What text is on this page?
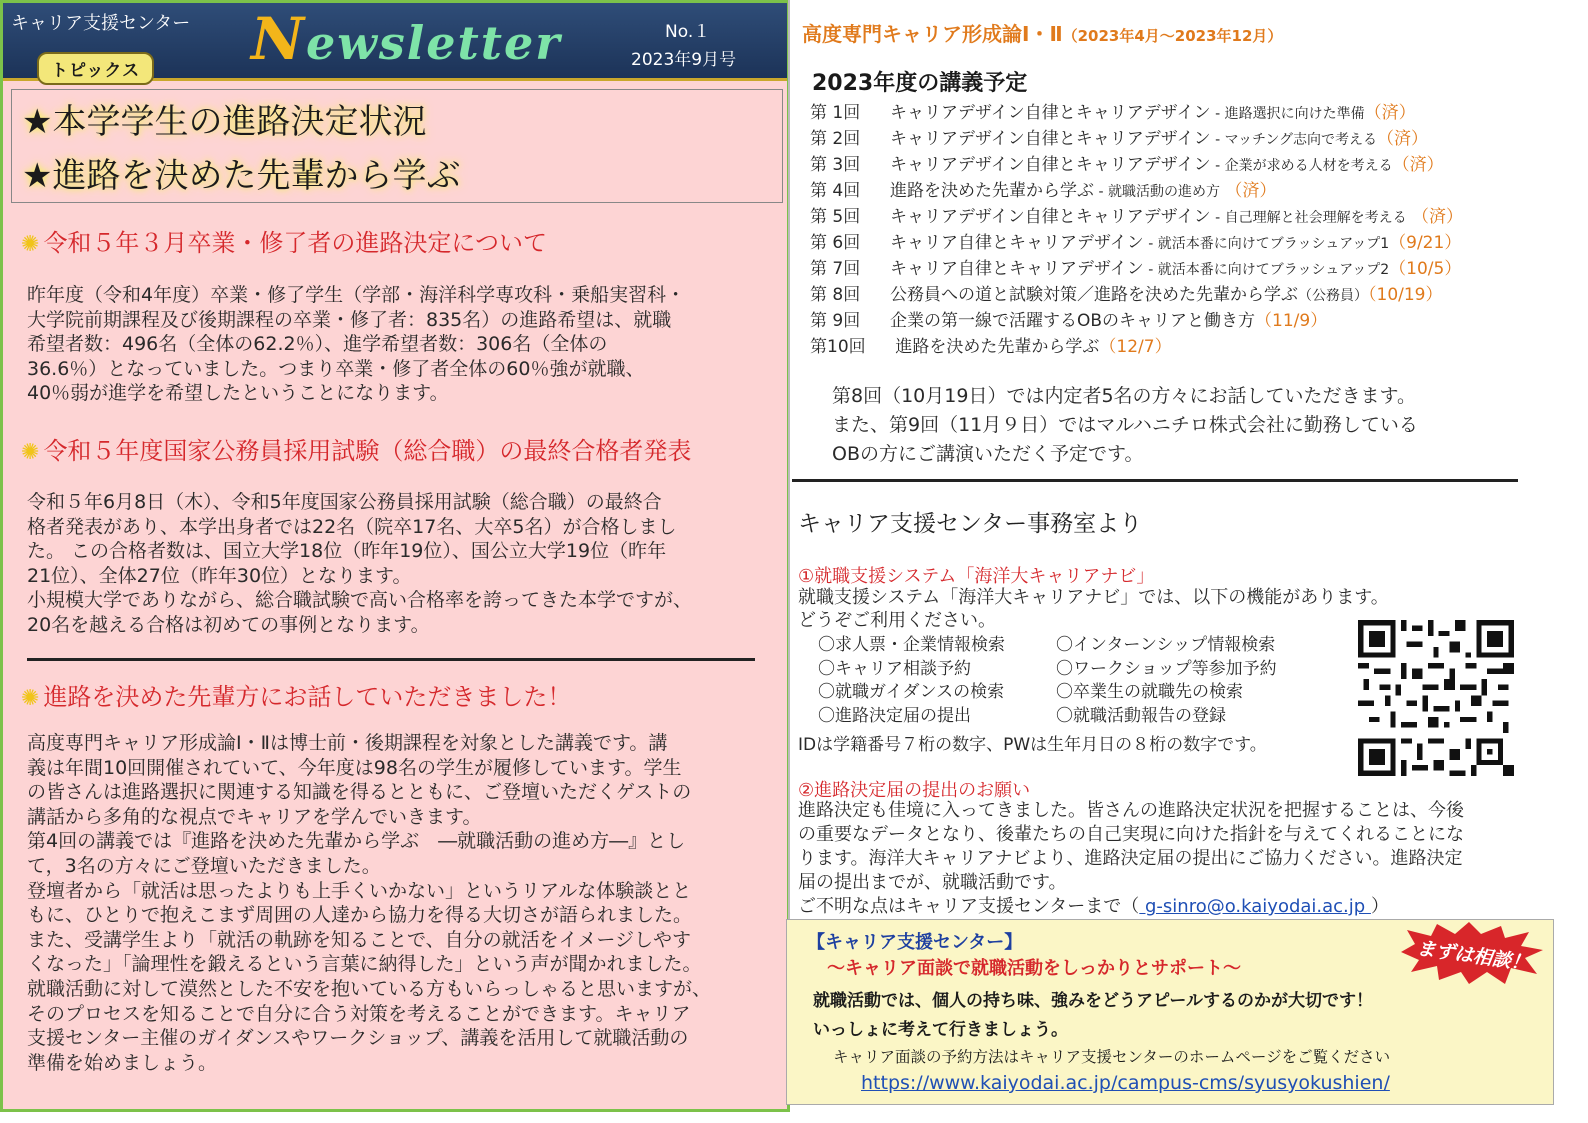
キャリア支援センター
トピックス Newsletter	No.１
2023年9月号
★本学学生の進路決定状況
★進路を決めた先輩から学ぶ
✺ 令和５年３月卒業・修了者の進路決定について
昨年度（令和4年度）卒業・修了学生（学部・海洋科学専攻科・乗船実習科・
大学院前期課程及び後期課程の卒業・修了者：835名）の進路希望は、就職
希望者数：496名（全体の62.2％）、進学希望者数：306名（全体の
36.6％）となっていました。つまり卒業・修了者全体の60％強が就職、
40％弱が進学を希望したということになります。
✺ 令和５年度国家公務員採用試験（総合職）の最終合格者発表
令和５年6月8日（木）、令和5年度国家公務員採用試験（総合職）の最終合
格者発表があり、本学出身者では22名（院卒17名、大卒5名）が合格しまし
た。 この合格者数は、国立大学18位（昨年19位）、国公立大学19位（昨年
21位）、全体27位（昨年30位）となります。
小規模大学でありながら、総合職試験で高い合格率を誇ってきた本学ですが、
20名を越える合格は初めての事例となります。
✺ 進路を決めた先輩方にお話していただきました！
高度専門キャリア形成論Ⅰ・Ⅱは博士前・後期課程を対象とした講義です。講
義は年間10回開催されていて、今年度は98名の学生が履修しています。学生
の皆さんは進路選択に関連する知識を得るとともに、ご登壇いただくゲストの
講話から多角的な視点でキャリアを学んでいきます。
第4回の講義では『進路を決めた先輩から学ぶ　―就職活動の進め方―』とし
て，3名の方々にご登壇いただきました。
登壇者から「就活は思ったよりも上手くいかない」というリアルな体験談とと
もに、ひとりで抱えこまず周囲の人達から協力を得る大切さが語られました。
また、受講学生より「就活の軌跡を知ることで、自分の就活をイメージしやす
くなった」「論理性を鍛えるという言葉に納得した」という声が聞かれました。
就職活動に対して漠然とした不安を抱いている方もいらっしゃると思いますが、
そのプロセスを知ることで自分に合う対策を考えることができます。キャリア
支援センター主催のガイダンスやワークショップ、講義を活用して就職活動の
準備を始めましょう。
高度専門キャリア形成論Ⅰ・Ⅱ（2023年4月～2023年12月）
2023年度の講義予定
第 1回 キャリアデザイン自律とキャリアデザイン - 進路選択に向けた準備（済）
第 2回 キャリアデザイン自律とキャリアデザイン - マッチング志向で考える（済）
第 3回 キャリアデザイン自律とキャリアデザイン - 企業が求める人材を考える（済）
第 4回 進路を決めた先輩から学ぶ - 就職活動の進め方 （済）
第 5回 キャリアデザイン自律とキャリアデザイン - 自己理解と社会理解を考える （済）
第 6回 キャリア自律とキャリアデザイン - 就活本番に向けてブラッシュアップ1（9/21）
第 7回 キャリア自律とキャリアデザイン - 就活本番に向けてブラッシュアップ2（10/5）
第 8回 公務員への道と試験対策／進路を決めた先輩から学ぶ（公務員）（10/19）
第 9回 企業の第一線で活躍するOBのキャリアと働き方（11/9）
第10回 進路を決めた先輩から学ぶ（12/7）
第8回（10月19日）では内定者5名の方々にお話していただきます。
また、第9回（11月９日）ではマルハニチロ株式会社に勤務している
OBの方にご講演いただく予定です。
キャリア支援センター事務室より
①就職支援システム「海洋大キャリアナビ」
就職支援システム「海洋大キャリアナビ」では、以下の機能があります。
どうぞご利用ください。
〇求人票・企業情報検索	〇インターンシップ情報検索
〇キャリア相談予約	〇ワークショップ等参加予約
〇就職ガイダンスの検索	〇卒業生の就職先の検索
〇進路決定届の提出	〇就職活動報告の登録
IDは学籍番号７桁の数字、PWは生年月日の８桁の数字です。
②進路決定届の提出のお願い
進路決定も佳境に入ってきました。皆さんの進路決定状況を把握することは、今後
の重要なデータとなり、後輩たちの自己実現に向けた指針を与えてくれることにな
ります。海洋大キャリアナビより、進路決定届の提出にご協力ください。進路決定
届の提出までが、就職活動です。
ご不明な点はキャリア支援センターまで（ g-sinro@o.kaiyodai.ac.jp ）
【キャリア支援センター】
～キャリア面談で就職活動をしっかりとサポート～
就職活動では、個人の持ち味、強みをどうアピールするのかが大切です！
いっしょに考えて行きましょう。
キャリア面談の予約方法はキャリア支援センターのホームページをご覧ください
https://www.kaiyodai.ac.jp/campus-cms/syusyokushien/
まずは相談！
